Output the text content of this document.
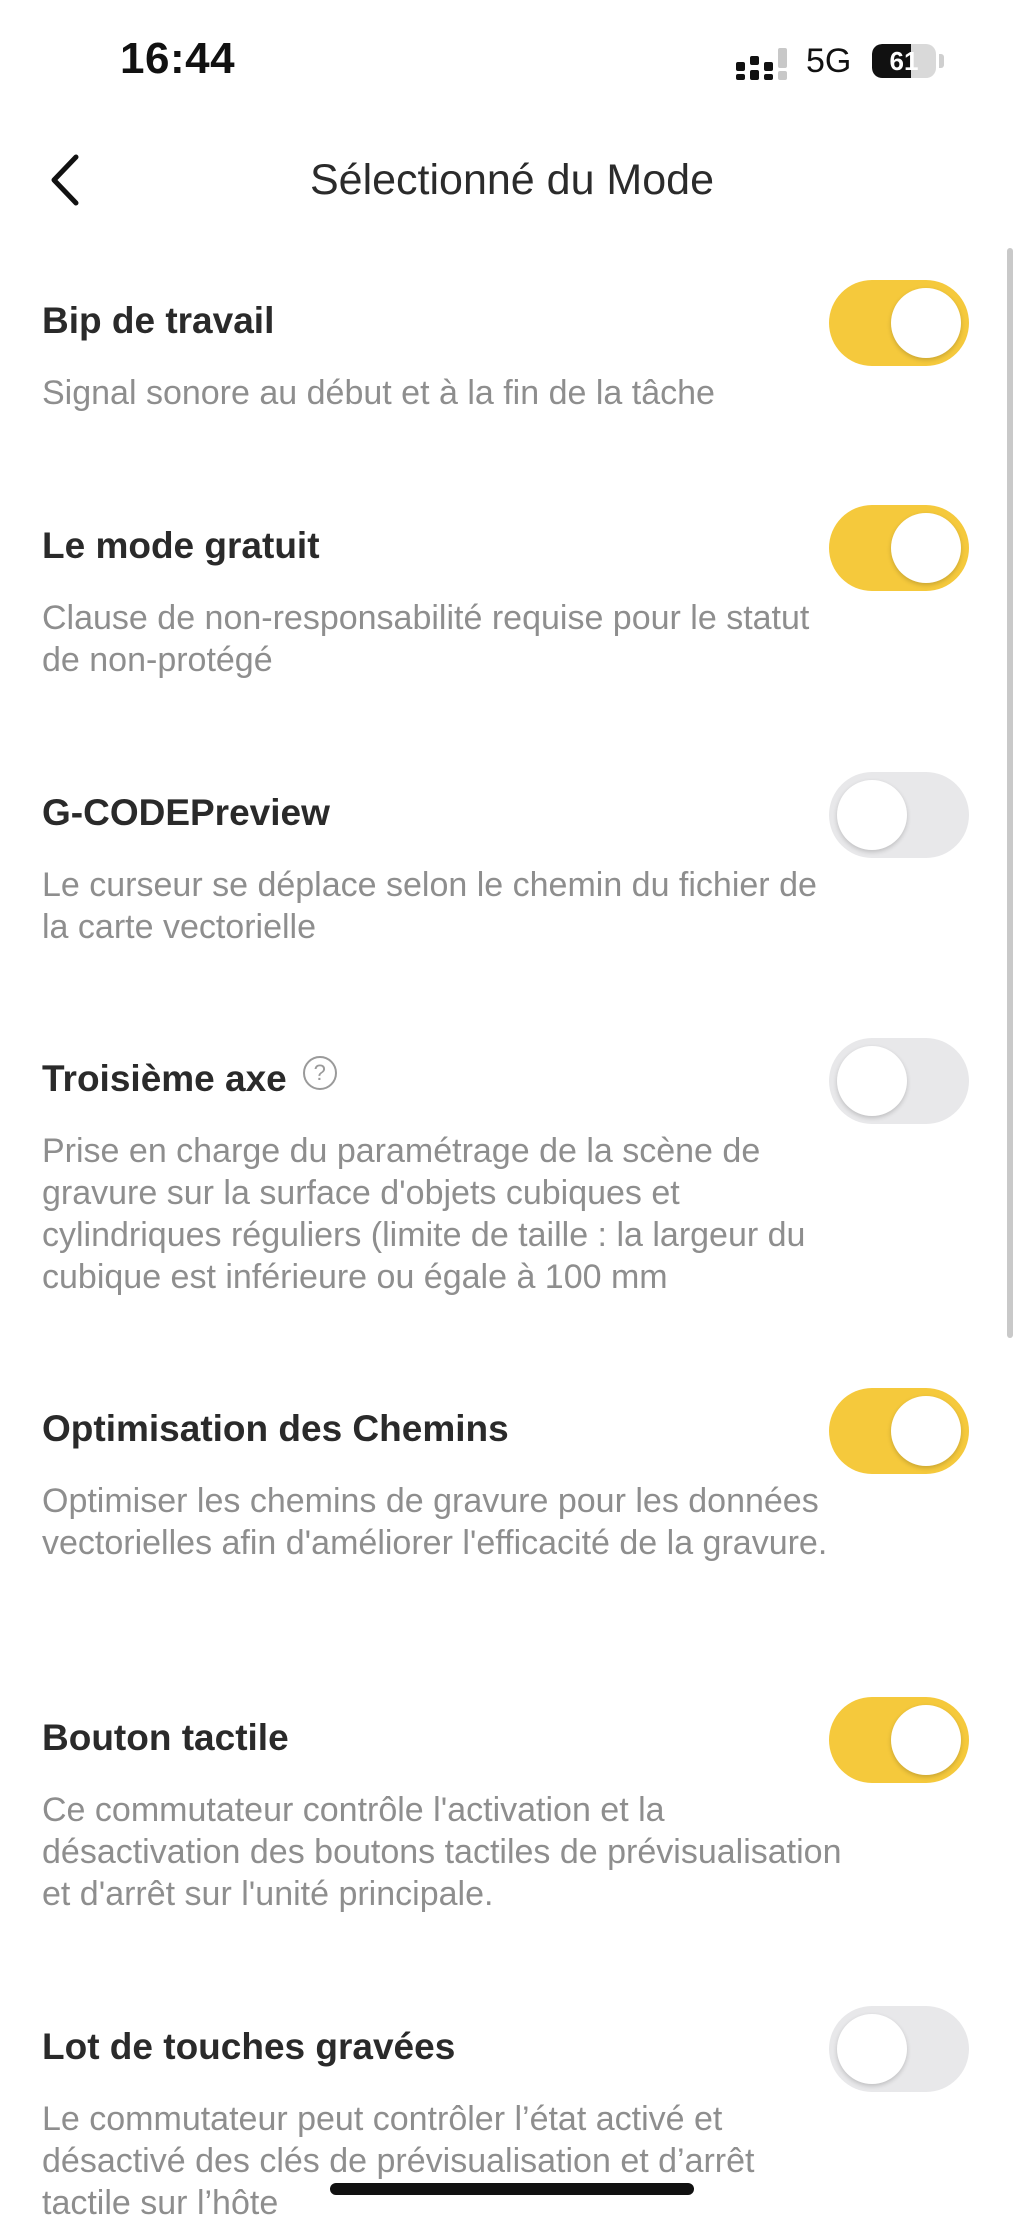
16:44	5G	61
Sélectionné du Mode
Bip de travail
Signal sonore au début et à la fin de la tâche
Le mode gratuit
Clause de non-responsabilité requise pour le statut de non-protégé
G-CODEPreview
Le curseur se déplace selon le chemin du fichier de la carte vectorielle
Troisième axe	?
Prise en charge du paramétrage de la scène de gravure sur la surface d'objets cubiques et cylindriques réguliers (limite de taille : la largeur du cubique est inférieure ou égale à 100 mm
Optimisation des Chemins
Optimiser les chemins de gravure pour les données vectorielles afin d'améliorer l'efficacité de la gravure.
Bouton tactile
Ce commutateur contrôle l'activation et la désactivation des boutons tactiles de prévisualisation et d'arrêt sur l'unité principale.
Lot de touches gravées
Le commutateur peut contrôler l’état activé et désactivé des clés de prévisualisation et d’arrêt tactile sur l’hôte
